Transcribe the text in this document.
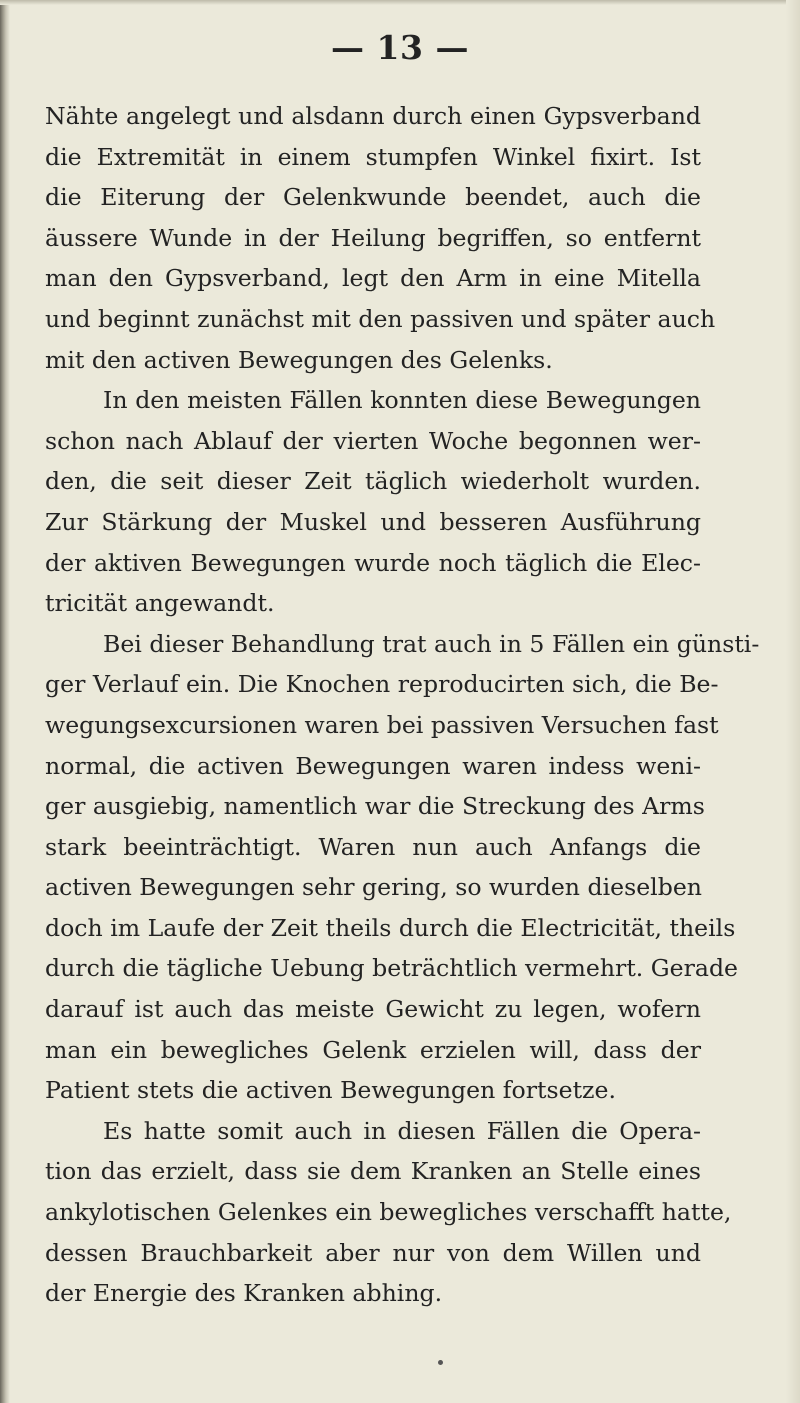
— 13 —
Nähte angelegt und alsdann durch einen Gypsverband
die Extremität in einem stumpfen Winkel fixirt. Ist
die Eiterung der Gelenkwunde beendet, auch die
äussere Wunde in der Heilung begriffen, so entfernt
man den Gypsverband, legt den Arm in eine Mitella
und beginnt zunächst mit den passiven und später auch
mit den activen Bewegungen des Gelenks.
In den meisten Fällen konnten diese Bewegungen
schon nach Ablauf der vierten Woche begonnen wer-
den, die seit dieser Zeit täglich wiederholt wurden.
Zur Stärkung der Muskel und besseren Ausführung
der aktiven Bewegungen wurde noch täglich die Elec-
tricität angewandt.
Bei dieser Behandlung trat auch in 5 Fällen ein günsti-
ger Verlauf ein. Die Knochen reproducirten sich, die Be-
wegungsexcursionen waren bei passiven Versuchen fast
normal, die activen Bewegungen waren indess weni-
ger ausgiebig, namentlich war die Streckung des Arms
stark beeinträchtigt. Waren nun auch Anfangs die
activen Bewegungen sehr gering, so wurden dieselben
doch im Laufe der Zeit theils durch die Electricität, theils
durch die tägliche Uebung beträchtlich vermehrt. Gerade
darauf ist auch das meiste Gewicht zu legen, wofern
man ein bewegliches Gelenk erzielen will, dass der
Patient stets die activen Bewegungen fortsetze.
Es hatte somit auch in diesen Fällen die Opera-
tion das erzielt, dass sie dem Kranken an Stelle eines
ankylotischen Gelenkes ein bewegliches verschafft hatte,
dessen Brauchbarkeit aber nur von dem Willen und
der Energie des Kranken abhing.
